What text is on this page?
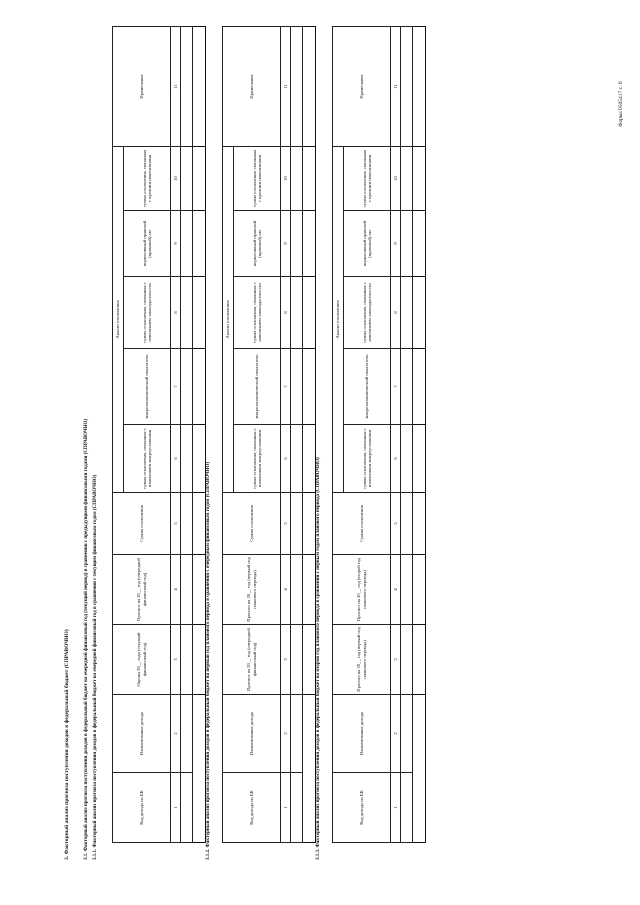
Форма 0505417 с. 6
3. Факторный анализ прогноза поступления доходов в федеральный бюджет (СПРАВОЧНО)	3.1. Факторный анализ прогноза поступления доходов в федеральный бюджет на очередной финансовый год (текущий период) в сравнении с предыдущими финансовыми годами (СПРАВОЧНО) 3.1.1. Факторный анализ прогноза поступления доходов в федеральный бюджет на очередной финансовый год в сравнении с текущим финансовым годом (СПРАВОЧНО)	Код дохода по БК	Наименование дохода	Оценка 20__ года (текущий финансовый год)	Прогноз на 20__ год (очередной финансовый год)	Сумма отклонения	Анализ отклонения					Примечание
					сумма отклонения, связанная с изменением макроусловиями	макроэкономический показатель	сумма отклонения, связанная с изменением законодательства	нормативный правовой (правовой) акт	сумма отклонения, связанная с прочими изменениями	
1	2	3	4	5	6	7	8	9	10	11

3.1.2. Факторный анализ прогноза поступления доходов в федеральный бюджет на первый год планового периода в сравнении с очередным финансовым годом (СПРАВОЧНО)	Код дохода по БК	Наименование дохода	Прогноз на 20__ год (очередной финансовый год)	Прогноз на 20__ год (первый год планового периода)	Сумма отклонения	Анализ отклонения					Примечание
					сумма отклонения, связанная с изменением макроусловиями	макроэкономический показатель	сумма отклонения, связанная с изменением законодательства	нормативный правовой (правовой) акт	сумма отклонения, связанная с прочими изменениями	
1	2	3	4	5	6	7	8	9	10	11

3.1.3. Факторный анализ прогноза поступления доходов в федеральный бюджет на второй год планового периода в сравнении с первым годом планового периода (СПРАВОЧНО)	Код дохода по БК	Наименование дохода	Прогноз на 20__ год (первый год планового периода)	Прогноз на 20__ год (второй год планового периода)	Сумма отклонения	Анализ отклонения					Примечание
					сумма отклонения, связанная с изменением макроусловиями	макроэкономический показатель	сумма отклонения, связанная с изменением законодательства	нормативный правовой (правовой) акт	сумма отклонения, связанная с прочими изменениями	
1	2	3	4	5	6	7	8	9	10	11
